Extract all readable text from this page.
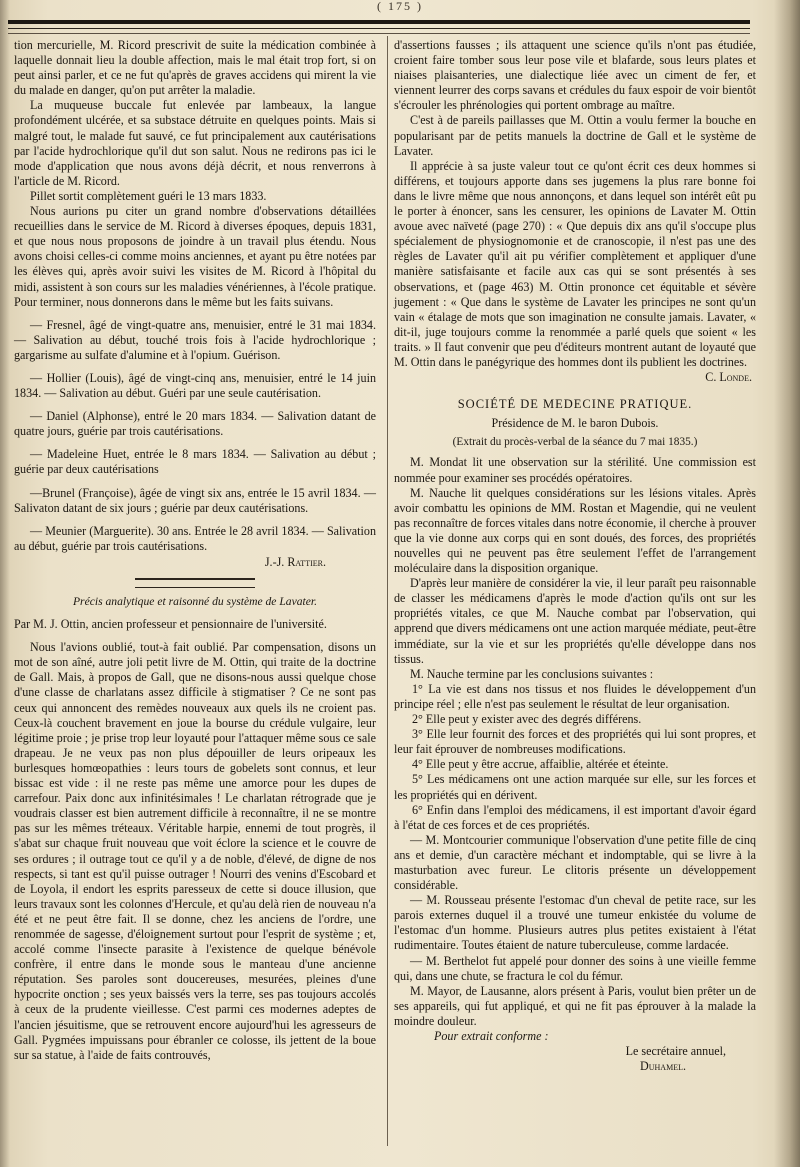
( 175 )

tion mercurielle, M. Ricord prescrivit de suite la médication combinée à laquelle donnait lieu la double affection, mais le mal était trop fort, si on peut ainsi parler, et ce ne fut qu'après de graves accidens qui mirent la vie du malade en danger, qu'on put arrêter la maladie.

La muqueuse buccale fut enlevée par lambeaux, la langue profondément ulcérée, et sa substace détruite en quelques points. Mais si malgré tout, le malade fut sauvé, ce fut principalement aux cautérisations par l'acide hydrochlorique qu'il dut son salut. Nous ne redirons pas ici le mode d'application que nous avons déjà décrit, et nous renverrons à l'article de M. Ricord.

Pillet sortit complètement guéri le 13 mars 1833.

Nous aurions pu citer un grand nombre d'observations détaillées recueillies dans le service de M. Ricord à diverses époques, depuis 1831, et que nous nous proposons de joindre à un travail plus étendu. Nous avons choisi celles-ci comme moins anciennes, et ayant pu être notées par les élèves qui, après avoir suivi les visites de M. Ricord à l'hôpital du midi, assistent à son cours sur les maladies vénériennes, à l'école pratique. Pour terminer, nous donnerons dans le même but les faits suivans.

— Fresnel, âgé de vingt-quatre ans, menuisier, entré le 31 mai 1834. — Salivation au début, touché trois fois à l'acide hydrochlorique ; gargarisme au sulfate d'alumine et à l'opium. Guérison.

— Hollier (Louis), âgé de vingt-cinq ans, menuisier, entré le 14 juin 1834. — Salivation au début. Guéri par une seule cautérisation.

— Daniel (Alphonse), entré le 20 mars 1834. — Salivation datant de quatre jours, guérie par trois cautérisations.

— Madeleine Huet, entrée le 8 mars 1834. — Salivation au début ; guérie par deux cautérisations

—Brunel (Françoise), âgée de vingt six ans, entrée le 15 avril 1834. — Salivaton datant de six jours ; guérie par deux cautérisations.

— Meunier (Marguerite). 30 ans. Entrée le 28 avril 1834. — Salivation au début, guérie par trois cautérisations.

J.-J. Rattier.

Précis analytique et raisonné du système de Lavater.

Par M. J. Ottin, ancien professeur et pensionnaire de l'université.

Nous l'avions oublié, tout-à fait oublié. Par compensation, disons un mot de son aîné, autre joli petit livre de M. Ottin, qui traite de la doctrine de Gall. Mais, à propos de Gall, que ne disons-nous aussi quelque chose d'une classe de charlatans assez difficile à stigmatiser ? Ce ne sont pas ceux qui annoncent des remèdes nouveaux aux quels ils ne croient pas. Ceux-là couchent bravement en joue la bourse du crédule vulgaire, leur légitime proie ; je prise trop leur loyauté pour l'attaquer même sous ce sale drapeau. Je ne veux pas non plus dépouiller de leurs oripeaux les burlesques homœopathies : leurs tours de gobelets sont connus, et leur bissac est vide : il ne reste pas même une amorce pour les dupes de carrefour. Paix donc aux infinitésimales ! Le charlatan rétrograde que je voudrais classer est bien autrement difficile à reconnaître, il ne se montre pas sur les mêmes tréteaux. Véritable harpie, ennemi de tout progrès, il s'abat sur chaque fruit nouveau que voit éclore la science et le couvre de ses ordures ; il outrage tout ce qu'il y a de noble, d'élevé, de digne de nos respects, si tant est qu'il puisse outrager ! Nourri des venins d'Escobard et de Loyola, il endort les esprits paresseux de cette si douce illusion, que leurs travaux sont les colonnes d'Hercule, et qu'au delà rien de nouveau n'a été et ne peut être fait. Il se donne, chez les anciens de l'ordre, une renommée de sagesse, d'éloignement surtout pour l'esprit de système ; et, accolé comme l'insecte parasite à l'existence de quelque bénévole confrère, il entre dans le monde sous le manteau d'une ancienne réputation. Ses paroles sont doucereuses, mesurées, pleines d'une hypocrite onction ; ses yeux baissés vers la terre, ses pas toujours accolés à ceux de la prudente vieillesse. C'est parmi ces modernes adeptes de l'ancien jésuitisme, que se retrouvent encore aujourd'hui les agresseurs de Gall. Pygmées impuissans pour ébranler ce colosse, ils jettent de la boue sur sa statue, à l'aide de faits controuvés,

d'assertions fausses ; ils attaquent une science qu'ils n'ont pas étudiée, croient faire tomber sous leur pose vile et blafarde, sous leurs plates et niaises plaisanteries, une dialectique liée avec un ciment de fer, et viennent leurrer des corps savans et crédules du faux espoir de voir bientôt s'écrouler les phrénologies qui portent ombrage au maître.

C'est à de pareils paillasses que M. Ottin a voulu fermer la bouche en popularisant par de petits manuels la doctrine de Gall et le système de Lavater.

Il apprécie à sa juste valeur tout ce qu'ont écrit ces deux hommes si différens, et toujours apporte dans ses jugemens la plus rare bonne foi dans le livre même que nous annonçons, et dans lequel son intérêt eût pu le porter à énoncer, sans les censurer, les opinions de Lavater M. Ottin avoue avec naïveté (page 270) : « Que depuis dix ans qu'il s'occupe plus spécialement de physiognomonie et de cranoscopie, il n'est pas une des règles de Lavater qu'il ait pu vérifier complètement et appliquer d'une manière satisfaisante et facile aux cas qui se sont présentés à ses observations, et (page 463) M. Ottin prononce cet équitable et sévère jugement : « Que dans le système de Lavater les principes ne sont qu'un vain « étalage de mots que son imagination ne consulte jamais. Lavater, « dit-il, juge toujours comme la renommée a parlé quels que soient « les traits. » Il faut convenir que peu d'éditeurs montrent autant de loyauté que M. Ottin dans le panégyrique des hommes dont ils publient les doctrines.

C. Londe.

SOCIÉTÉ DE MEDECINE PRATIQUE.

Présidence de M. le baron Dubois.

(Extrait du procès-verbal de la séance du 7 mai 1835.)

M. Mondat lit une observation sur la stérilité. Une commission est nommée pour examiner ses procédés opératoires.

M. Nauche lit quelques considérations sur les lésions vitales. Après avoir combattu les opinions de MM. Rostan et Magendie, qui ne veulent pas reconnaître de forces vitales dans notre économie, il cherche à prouver que la vie donne aux corps qui en sont doués, des forces, des propriétés nouvelles qui ne peuvent pas être seulement l'effet de l'arrangement moléculaire dans la disposition organique.

D'après leur manière de considérer la vie, il leur paraît peu raisonnable de classer les médicamens d'après le mode d'action qu'ils ont sur les propriétés vitales, ce que M. Nauche combat par l'observation, qui apprend que divers médicamens ont une action marquée médiate, peut-être immédiate, sur la vie et sur les propriétés qu'elle développe dans nos tissus.

M. Nauche termine par les conclusions suivantes :

1° La vie est dans nos tissus et nos fluides le développement d'un principe réel ; elle n'est pas seulement le résultat de leur organisation.

2° Elle peut y exister avec des degrés différens.

3° Elle leur fournit des forces et des propriétés qui lui sont propres, et leur fait éprouver de nombreuses modifications.

4° Elle peut y être accrue, affaiblie, altérée et éteinte.

5° Les médicamens ont une action marquée sur elle, sur les forces et les propriétés qui en dérivent.

6° Enfin dans l'emploi des médicamens, il est important d'avoir égard à l'état de ces forces et de ces propriétés.

— M. Montcourier communique l'observation d'une petite fille de cinq ans et demie, d'un caractère méchant et indomptable, qui se livre à la masturbation avec fureur. Le clitoris présente un développement considérable.

— M. Rousseau présente l'estomac d'un cheval de petite race, sur les parois externes duquel il a trouvé une tumeur enkistée du volume de l'estomac d'un homme. Plusieurs autres plus petites existaient à l'état rudimentaire. Toutes étaient de nature tuberculeuse, comme lardacée.

— M. Berthelot fut appelé pour donner des soins à une vieille femme qui, dans une chute, se fractura le col du fémur.

M. Mayor, de Lausanne, alors présent à Paris, voulut bien prêter un de ses appareils, qui fut appliqué, et qui ne fit pas éprouver à la malade la moindre douleur.

Pour extrait conforme :

Le secrétaire annuel,
Duhamel.
